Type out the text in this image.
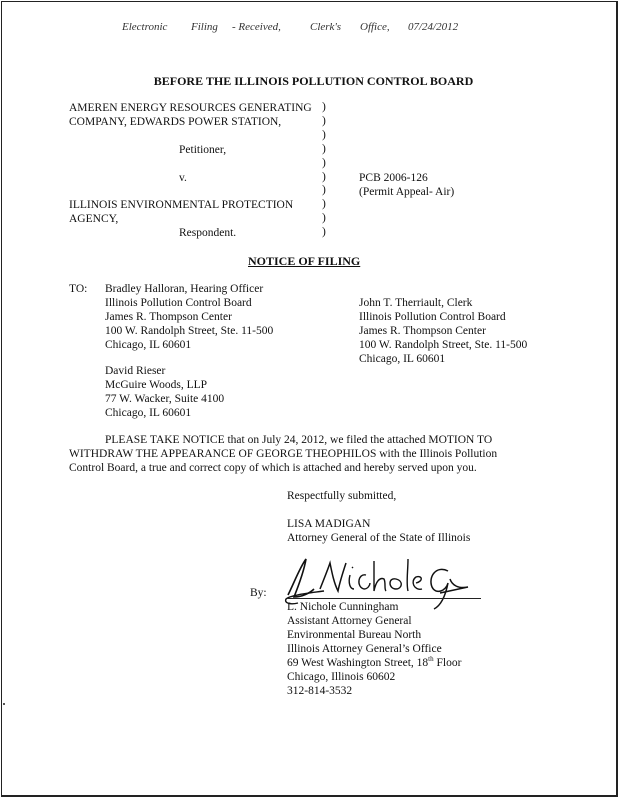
Electronic Filing - Received,	Clerk's Office, 07/24/2012
BEFORE THE ILLINOIS POLLUTION CONTROL BOARD
AMEREN ENERGY RESOURCES GENERATING
COMPANY, EDWARDS POWER STATION,
Petitioner,
v.
ILLINOIS ENVIRONMENTAL PROTECTION
AGENCY,
Respondent.
)
)
)
)
)
)
)
)
)
)
PCB 2006-126
(Permit Appeal- Air)
NOTICE OF FILING
TO: Bradley Halloran, Hearing Officer
Illinois Pollution Control Board
James R. Thompson Center
100 W. Randolph Street, Ste. 11-500
Chicago, IL 60601
John T. Therriault, Clerk
Illinois Pollution Control Board
James R. Thompson Center
100 W. Randolph Street, Ste. 11-500
Chicago, IL 60601
David Rieser
McGuire Woods, LLP
77 W. Wacker, Suite 4100
Chicago, IL 60601
PLEASE TAKE NOTICE that on July 24, 2012, we filed the attached MOTION TO
WITHDRAW THE APPEARANCE OF GEORGE THEOPHILOS with the Illinois Pollution
Control Board, a true and correct copy of which is attached and hereby served upon you.
Respectfully submitted,
LISA MADIGAN
Attorney General of the State of Illinois
By:
L. Nichole Cunningham
Assistant Attorney General
Environmental Bureau North
Illinois Attorney General’s Office
69 West Washington Street, 18th Floor
Chicago, Illinois 60602
312-814-3532
